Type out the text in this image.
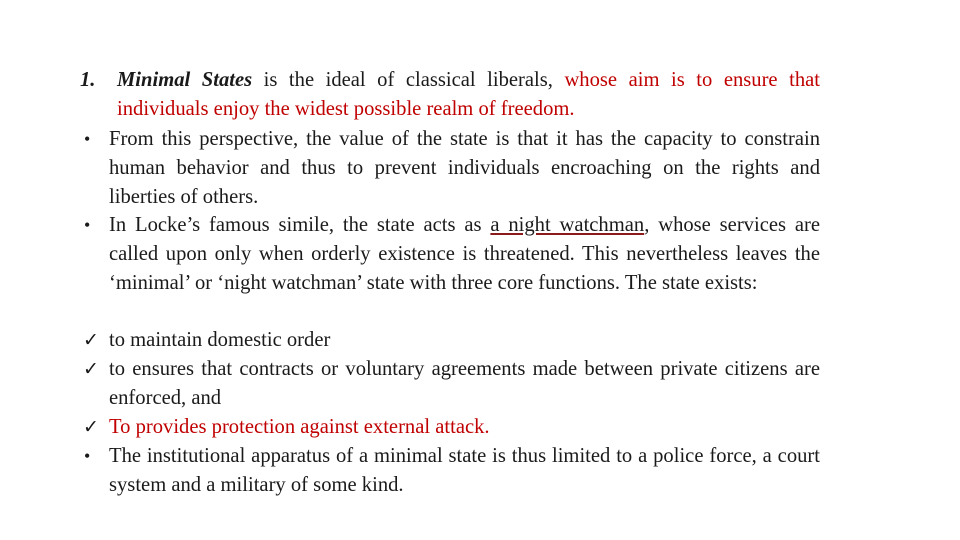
1.	Minimal States is the ideal of classical liberals, whose aim is to ensure that individuals enjoy the widest possible realm of freedom.
• From this perspective, the value of the state is that it has the capacity to constrain human behavior and thus to prevent individuals encroaching on the rights and liberties of others.
• In Locke’s famous simile, the state acts as a night watchman, whose services are called upon only when orderly existence is threatened. This nevertheless leaves the ‘minimal’ or ‘night watchman’ state with three core functions. The state exists:
✓ to maintain domestic order
✓ to ensures that contracts or voluntary agreements made between private citizens are enforced, and
✓ To provides protection against external attack.
• The institutional apparatus of a minimal state is thus limited to a police force, a court system and a military of some kind.
